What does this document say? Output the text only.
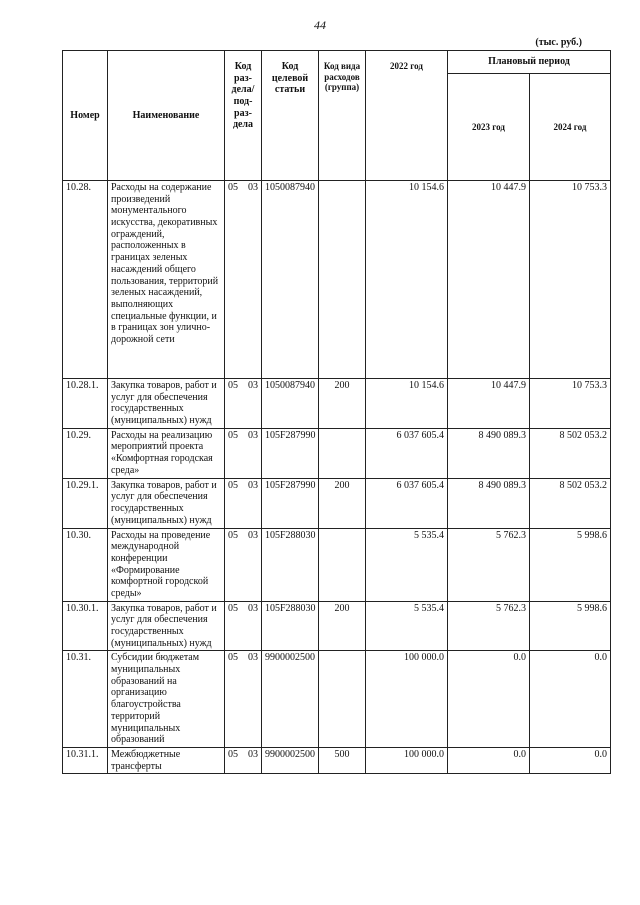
44
(тыс. руб.)
Номер	Наименование	Код раз-дела/ под-раз-дела	Код целевой статьи	Код вида расходов (группа)	2022 год	Плановый период	
						2023 год	2024 год
10.28.	Расходы на содержание произведений монументального искусства, декоративных ограждений, расположенных в границах зеленых насаждений общего пользования, территорий зеленых насаждений, выполняющих специальные функции, и в границах зон улично-дорожной сети	05 03	1050087940		10 154.6	10 447.9	10 753.3
10.28.1.	Закупка товаров, работ и услуг для обеспечения государственных (муниципальных) нужд	05 03	1050087940	200	10 154.6	10 447.9	10 753.3
10.29.	Расходы на реализацию мероприятий проекта «Комфортная городская среда»	05 03	105F287990		6 037 605.4	8 490 089.3	8 502 053.2
10.29.1.	Закупка товаров, работ и услуг для обеспечения государственных (муниципальных) нужд	05 03	105F287990	200	6 037 605.4	8 490 089.3	8 502 053.2
10.30.	Расходы на проведение международной конференции «Формирование комфортной городской среды»	05 03	105F288030		5 535.4	5 762.3	5 998.6
10.30.1.	Закупка товаров, работ и услуг для обеспечения государственных (муниципальных) нужд	05 03	105F288030	200	5 535.4	5 762.3	5 998.6
10.31.	Субсидии бюджетам муниципальных образований на организацию благоустройства территорий муниципальных образований	05 03	9900002500		100 000.0	0.0	0.0
10.31.1.	Межбюджетные трансферты	05 03	9900002500	500	100 000.0	0.0	0.0
